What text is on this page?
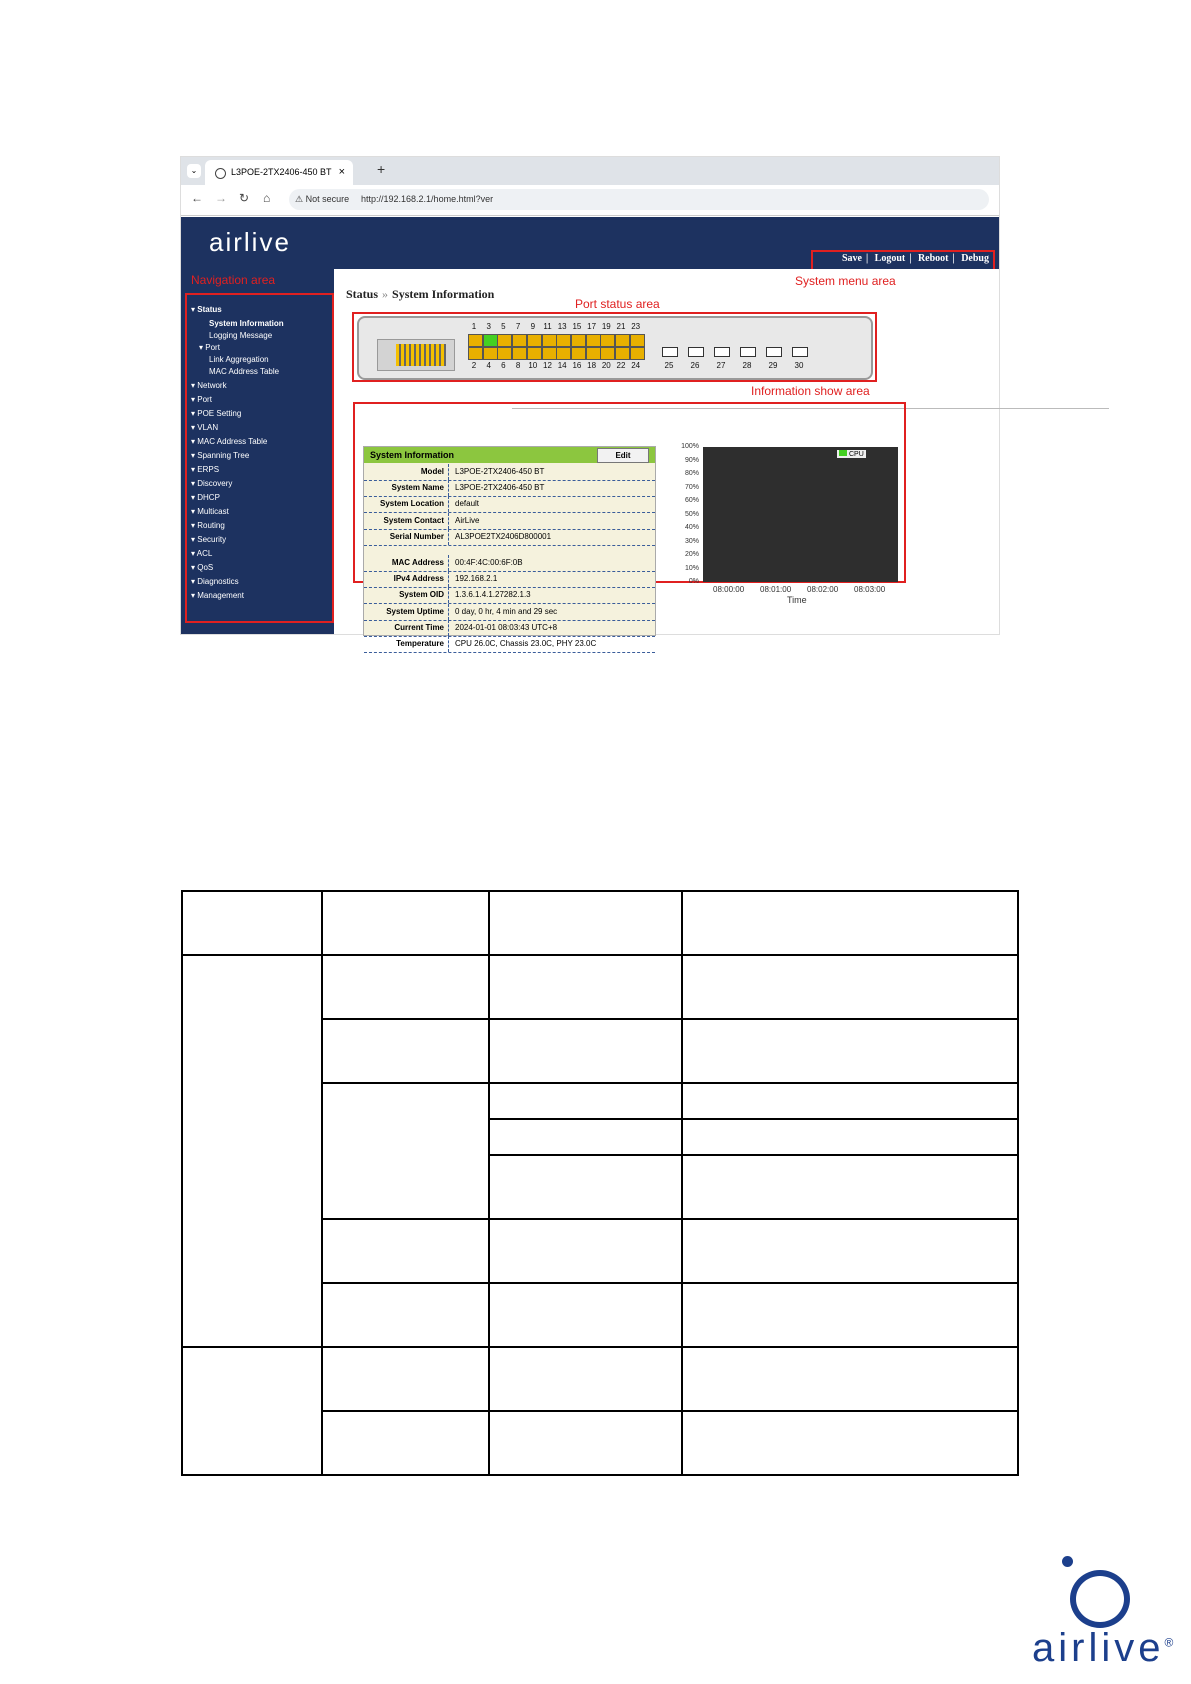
⌄	L3POE-2TX2406-450 BT × +
← → ↻ ⌂	⚠ Not secure http://192.168.2.1/home.html?ver
airlive
Save | Logout | Reboot | Debug
Navigation area
▾ Status
System Information
Logging Message
▾ Port
Link Aggregation
MAC Address Table
▾ Network
▾ Port
▾ POE Setting
▾ VLAN
▾ MAC Address Table
▾ Spanning Tree
▾ ERPS
▾ Discovery
▾ DHCP
▾ Multicast
▾ Routing
▾ Security
▾ ACL
▾ QoS
▾ Diagnostics
▾ Management
Status » System Information
System menu area
Port status area
1
2
3
4
5
6
7
8
9
10
11
12
13
14
15
16
17
18
19
20
21
22
23
24	25	26	27	28	29	30
Information show area
System Information	Edit
Model	L3POE-2TX2406-450 BT
System Name	L3POE-2TX2406-450 BT
System Location	default
System Contact	AirLive
Serial Number	AL3POE2TX2406D800001
MAC Address	00:4F:4C:00:6F:0B
IPv4 Address	192.168.2.1
System OID	1.3.6.1.4.1.27282.1.3
System Uptime	0 day, 0 hr, 4 min and 29 sec
Current Time	2024-01-01 08:03:43 UTC+8
Temperature	CPU 26.0C, Chassis 23.0C, PHY 23.0C
100%
90%
80%
70%
60%
50%
40%
30%
20%
10%
0%
08:00:00 08:01:00 08:02:00 08:03:00
CPU
Time

airlive®
